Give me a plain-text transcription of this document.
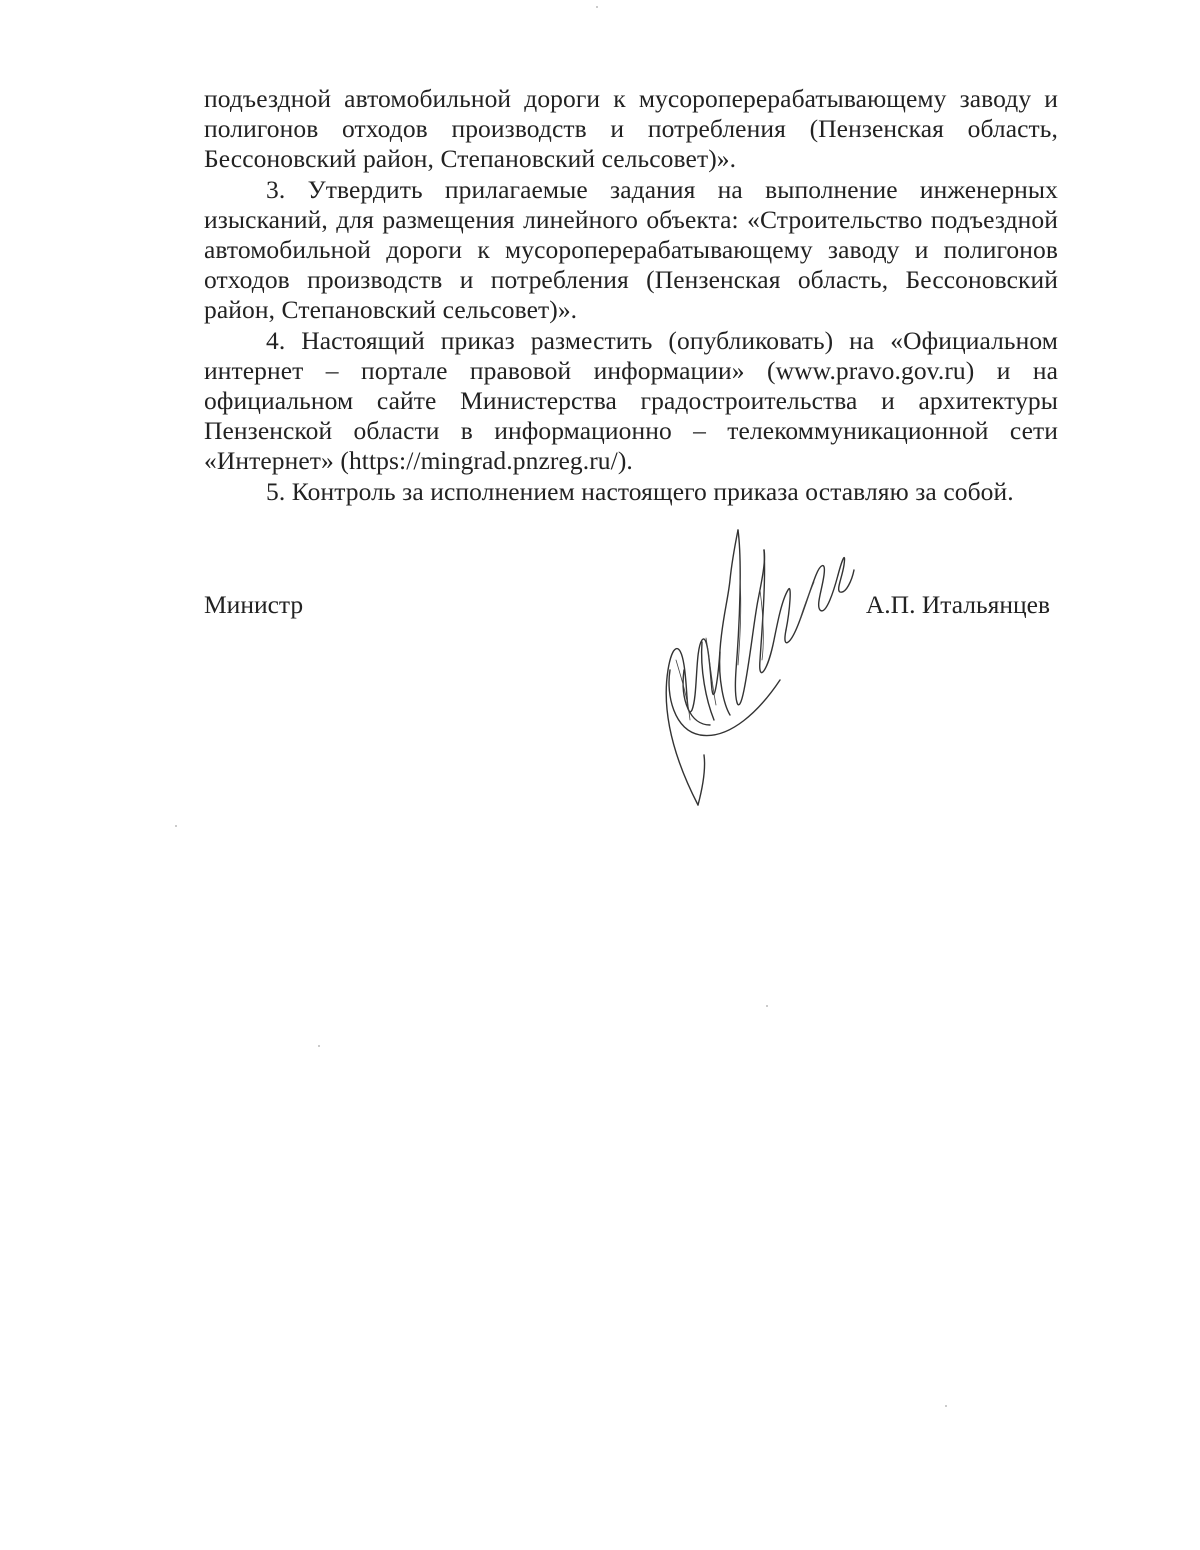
подъездной автомобильной дороги к мусороперерабатывающему заводу и полигонов отходов производств и потребления (Пензенская область, Бессоновский район, Степановский сельсовет)».

3. Утвердить прилагаемые задания на выполнение инженерных изысканий, для размещения линейного объекта: «Строительство подъездной автомобильной дороги к мусороперерабатывающему заводу и полигонов отходов производств и потребления (Пензенская область, Бессоновский район, Степановский сельсовет)».

4. Настоящий приказ разместить (опубликовать) на «Официальном интернет – портале правовой информации» (www.pravo.gov.ru) и на официальном сайте Министерства градостроительства и архитектуры Пензенской области в информационно – телекоммуникационной сети «Интернет» (https://mingrad.pnzreg.ru/).

5. Контроль за исполнением настоящего приказа оставляю за собой.

Министр	А.П. Итальянцев
